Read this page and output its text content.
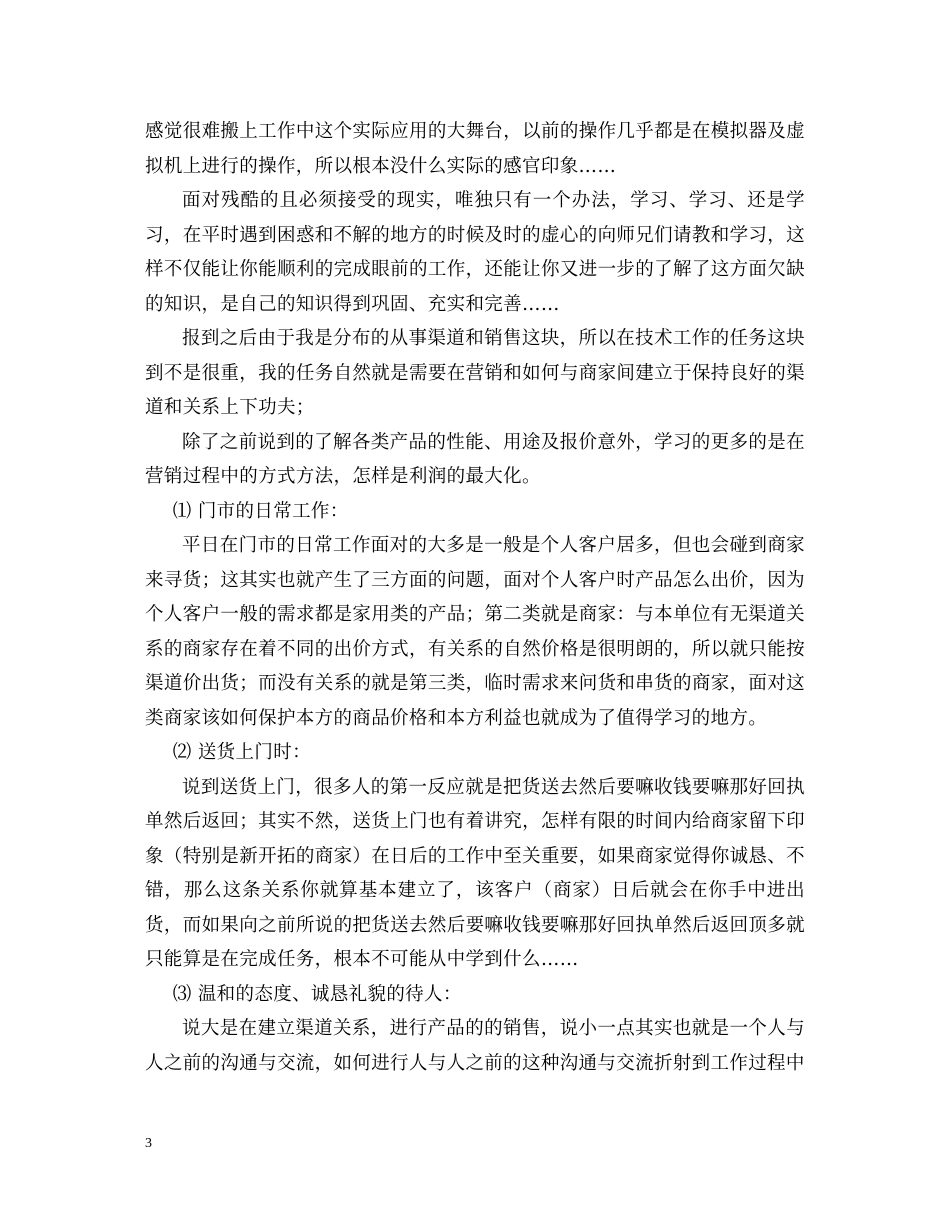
感觉很难搬上工作中这个实际应用的大舞台，以前的操作几乎都是在模拟器及虚拟机上进行的操作，所以根本没什么实际的感官印象……

面对残酷的且必须接受的现实，唯独只有一个办法，学习、学习、还是学习，在平时遇到困惑和不解的地方的时候及时的虚心的向师兄们请教和学习，这样不仅能让你能顺利的完成眼前的工作，还能让你又进一步的了解了这方面欠缺的知识，是自己的知识得到巩固、充实和完善……

报到之后由于我是分布的从事渠道和销售这块，所以在技术工作的任务这块到不是很重，我的任务自然就是需要在营销和如何与商家间建立于保持良好的渠道和关系上下功夫；

除了之前说到的了解各类产品的性能、用途及报价意外，学习的更多的是在营销过程中的方式方法，怎样是利润的最大化。

⑴ 门市的日常工作：

平日在门市的日常工作面对的大多是一般是个人客户居多，但也会碰到商家来寻货；这其实也就产生了三方面的问题，面对个人客户时产品怎么出价，因为个人客户一般的需求都是家用类的产品；第二类就是商家：与本单位有无渠道关系的商家存在着不同的出价方式，有关系的自然价格是很明朗的，所以就只能按渠道价出货；而没有关系的就是第三类，临时需求来问货和串货的商家，面对这类商家该如何保护本方的商品价格和本方利益也就成为了值得学习的地方。

⑵ 送货上门时：

说到送货上门，很多人的第一反应就是把货送去然后要嘛收钱要嘛那好回执单然后返回；其实不然，送货上门也有着讲究，怎样有限的时间内给商家留下印象（特别是新开拓的商家）在日后的工作中至关重要，如果商家觉得你诚恳、不错，那么这条关系你就算基本建立了，该客户（商家）日后就会在你手中进出货，而如果向之前所说的把货送去然后要嘛收钱要嘛那好回执单然后返回顶多就只能算是在完成任务，根本不可能从中学到什么……

⑶ 温和的态度、诚恳礼貌的待人：

说大是在建立渠道关系，进行产品的的销售，说小一点其实也就是一个人与人之前的沟通与交流，如何进行人与人之前的这种沟通与交流折射到工作过程中

3
